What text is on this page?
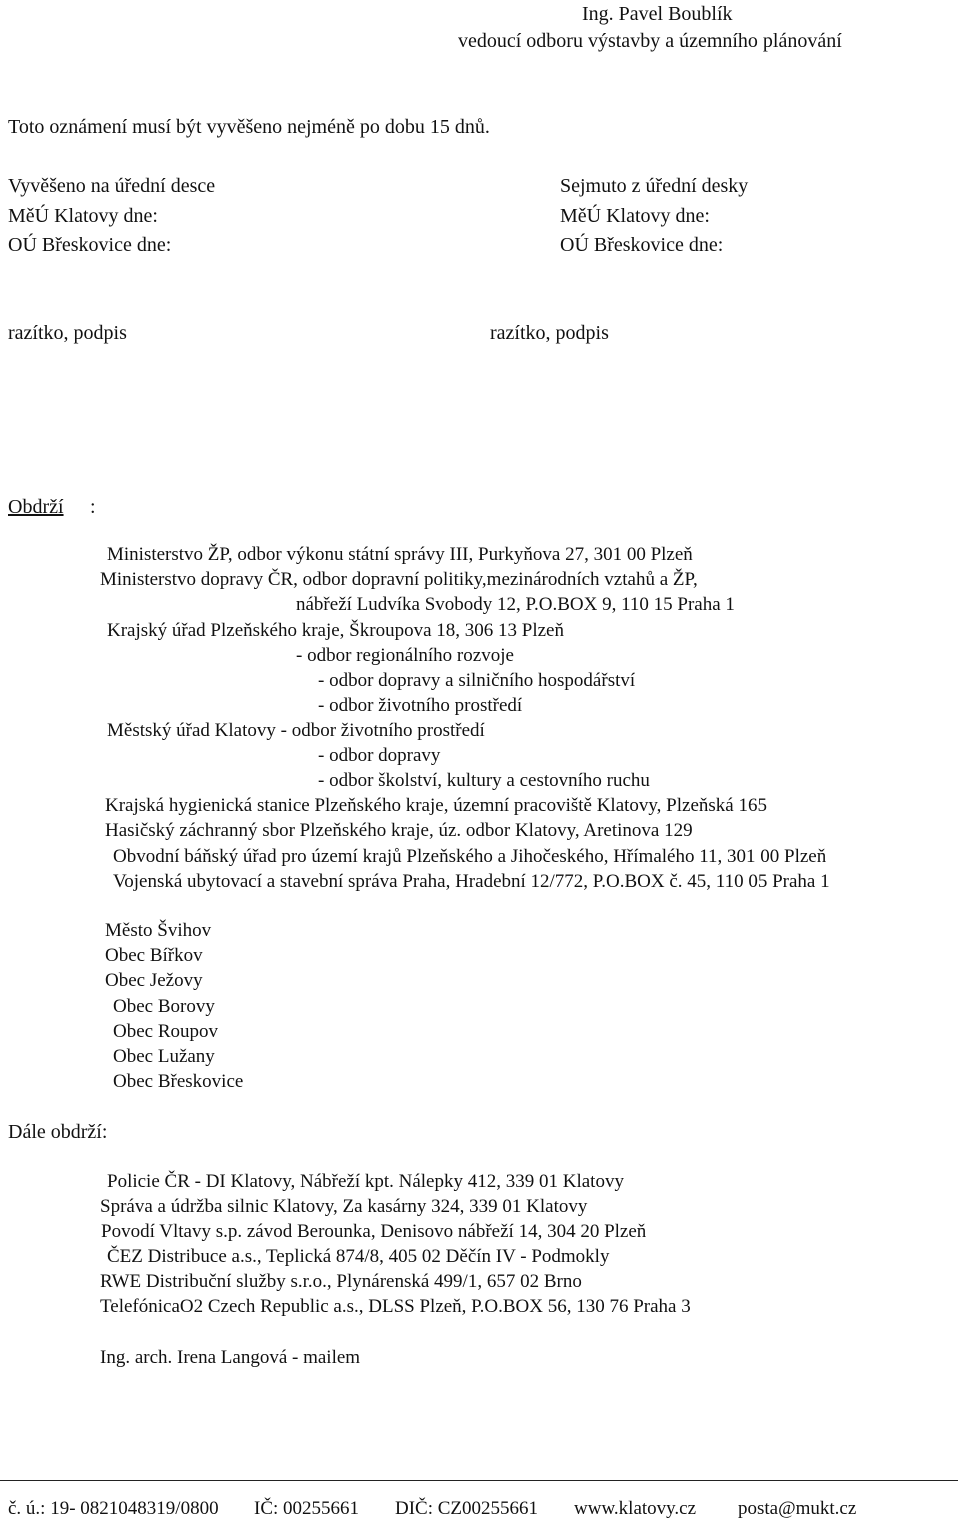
Ing. Pavel Boublík
vedoucí odboru výstavby a územního plánování
Toto oznámení musí být vyvěšeno nejméně po dobu 15 dnů.
Vyvěšeno na úřední desce
MěÚ Klatovy dne:
OÚ Břeskovice dne:
Sejmuto z úřední desky
MěÚ Klatovy dne:
OÚ Břeskovice dne:
razítko, podpis	razítko, podpis
Obdrží :
Ministerstvo ŽP, odbor výkonu státní správy III, Purkyňova 27, 301 00 Plzeň
Ministerstvo dopravy ČR, odbor dopravní politiky,mezinárodních vztahů a ŽP,
nábřeží Ludvíka Svobody 12, P.O.BOX 9, 110 15 Praha 1
Krajský úřad Plzeňského kraje, Škroupova 18, 306 13 Plzeň
- odbor regionálního rozvoje
- odbor dopravy a silničního hospodářství
- odbor životního prostředí
Městský úřad Klatovy - odbor životního prostředí
- odbor dopravy
- odbor školství, kultury a cestovního ruchu
Krajská hygienická stanice Plzeňského kraje, územní pracoviště Klatovy, Plzeňská 165
Hasičský záchranný sbor Plzeňského kraje, úz. odbor Klatovy, Aretinova 129
Obvodní báňský úřad pro území krajů Plzeňského a Jihočeského, Hřímalého 11, 301 00 Plzeň
Vojenská ubytovací a stavební správa Praha, Hradební 12/772, P.O.BOX č. 45, 110 05 Praha 1
Město Švihov
Obec Bířkov
Obec Ježovy
Obec Borovy
Obec Roupov
Obec Lužany
Obec Břeskovice
Dále obdrží:
Policie ČR - DI Klatovy, Nábřeží kpt. Nálepky 412, 339 01 Klatovy
Správa a údržba silnic Klatovy, Za kasárny 324, 339 01 Klatovy
Povodí Vltavy s.p. závod Berounka, Denisovo nábřeží 14, 304 20 Plzeň
ČEZ Distribuce a.s., Teplická 874/8, 405 02 Děčín IV - Podmokly
RWE Distribuční služby s.r.o., Plynárenská 499/1, 657 02 Brno
TelefónicaO2 Czech Republic a.s., DLSS Plzeň, P.O.BOX 56, 130 76 Praha 3
Ing. arch. Irena Langová - mailem
č. ú.: 19- 0821048319/0800 IČ: 00255661 DIČ: CZ00255661 www.klatovy.cz posta@mukt.cz
